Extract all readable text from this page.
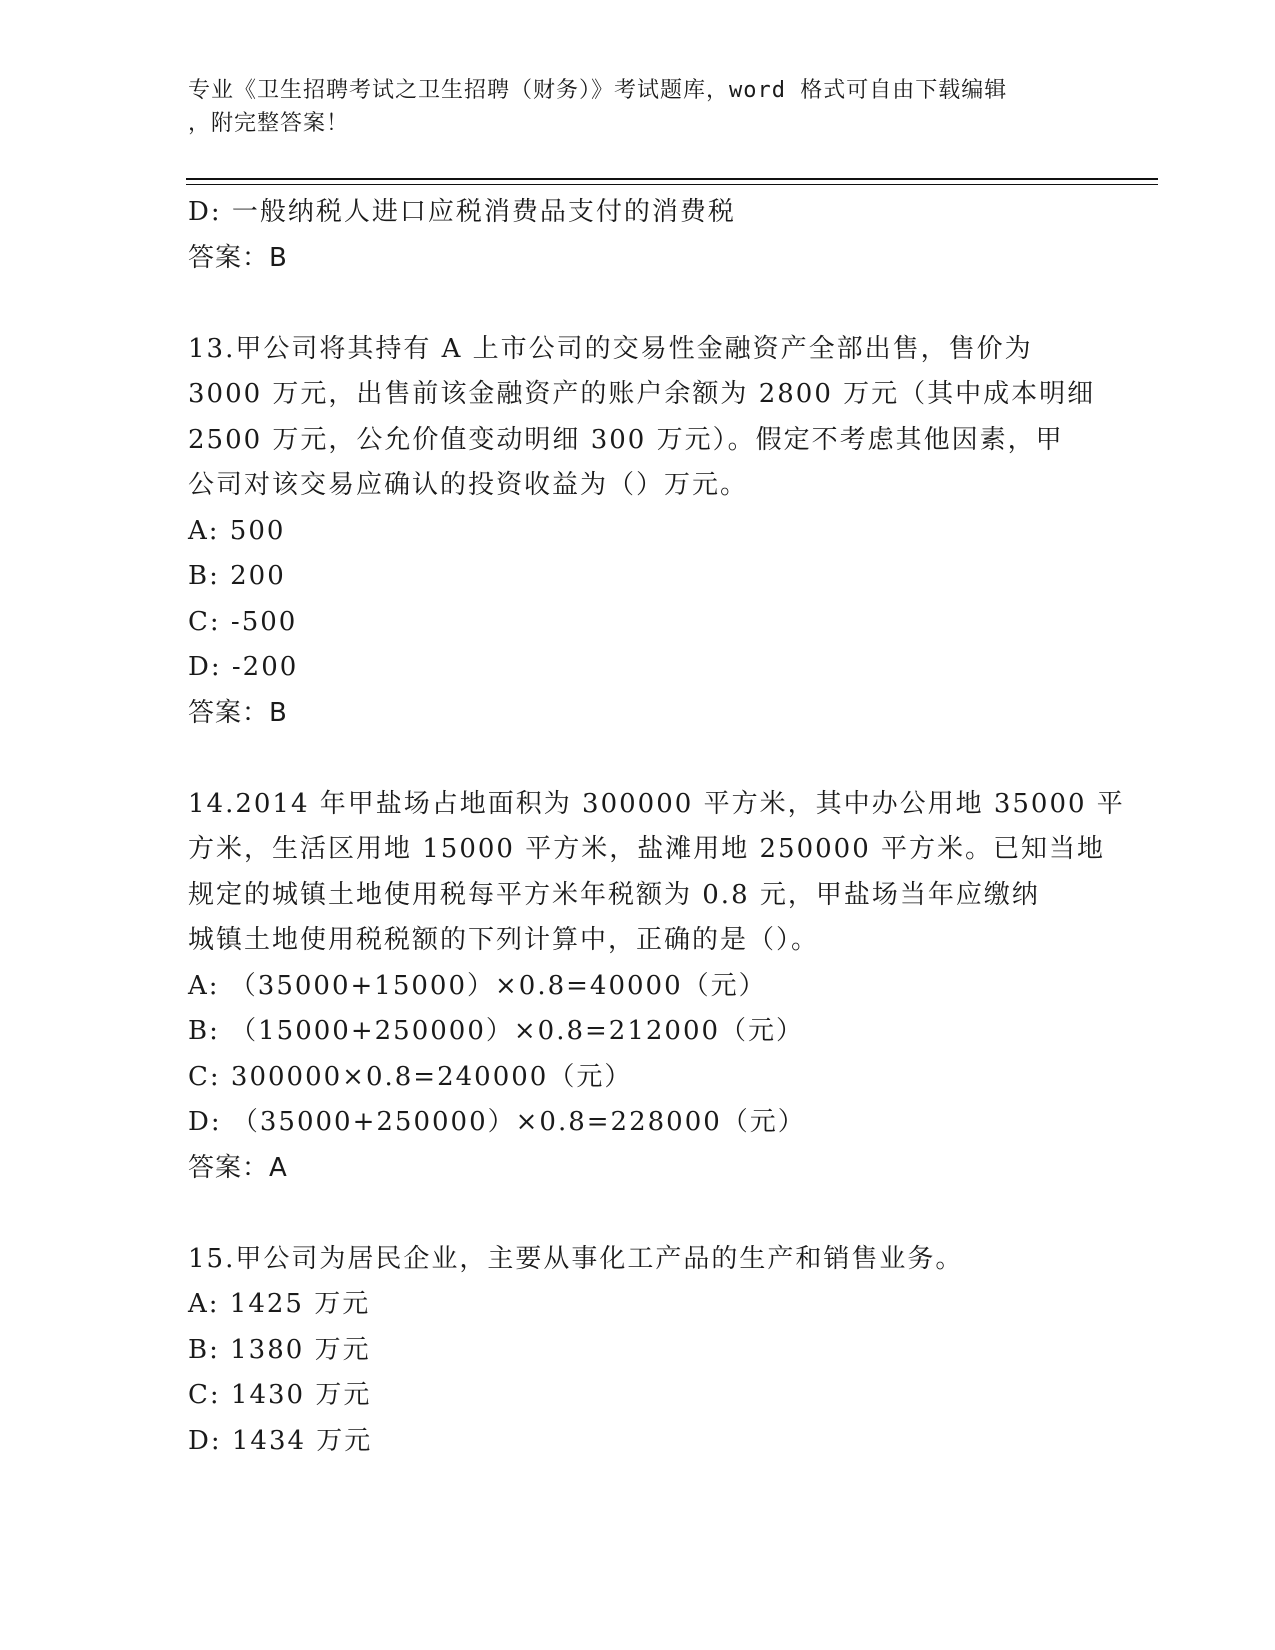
专业《卫生招聘考试之卫生招聘（财务）》考试题库，word 格式可自由下载编辑
，附完整答案！
D: 一般纳税人进口应税消费品支付的消费税
答案：B
13.甲公司将其持有 A 上市公司的交易性金融资产全部出售，售价为
3000 万元，出售前该金融资产的账户余额为 2800 万元（其中成本明细
2500 万元，公允价值变动明细 300 万元）。假定不考虑其他因素，甲
公司对该交易应确认的投资收益为（）万元。
A: 500
B: 200
C: -500
D: -200
答案：B
14.2014 年甲盐场占地面积为 300000 平方米，其中办公用地 35000 平
方米，生活区用地 15000 平方米，盐滩用地 250000 平方米。已知当地
规定的城镇土地使用税每平方米年税额为 0.8 元，甲盐场当年应缴纳
城镇土地使用税税额的下列计算中，正确的是（）。
A: （35000+15000）×0.8=40000（元）
B: （15000+250000）×0.8=212000（元）
C: 300000×0.8=240000（元）
D: （35000+250000）×0.8=228000（元）
答案：A
15.甲公司为居民企业，主要从事化工产品的生产和销售业务。
A: 1425 万元
B: 1380 万元
C: 1430 万元
D: 1434 万元
